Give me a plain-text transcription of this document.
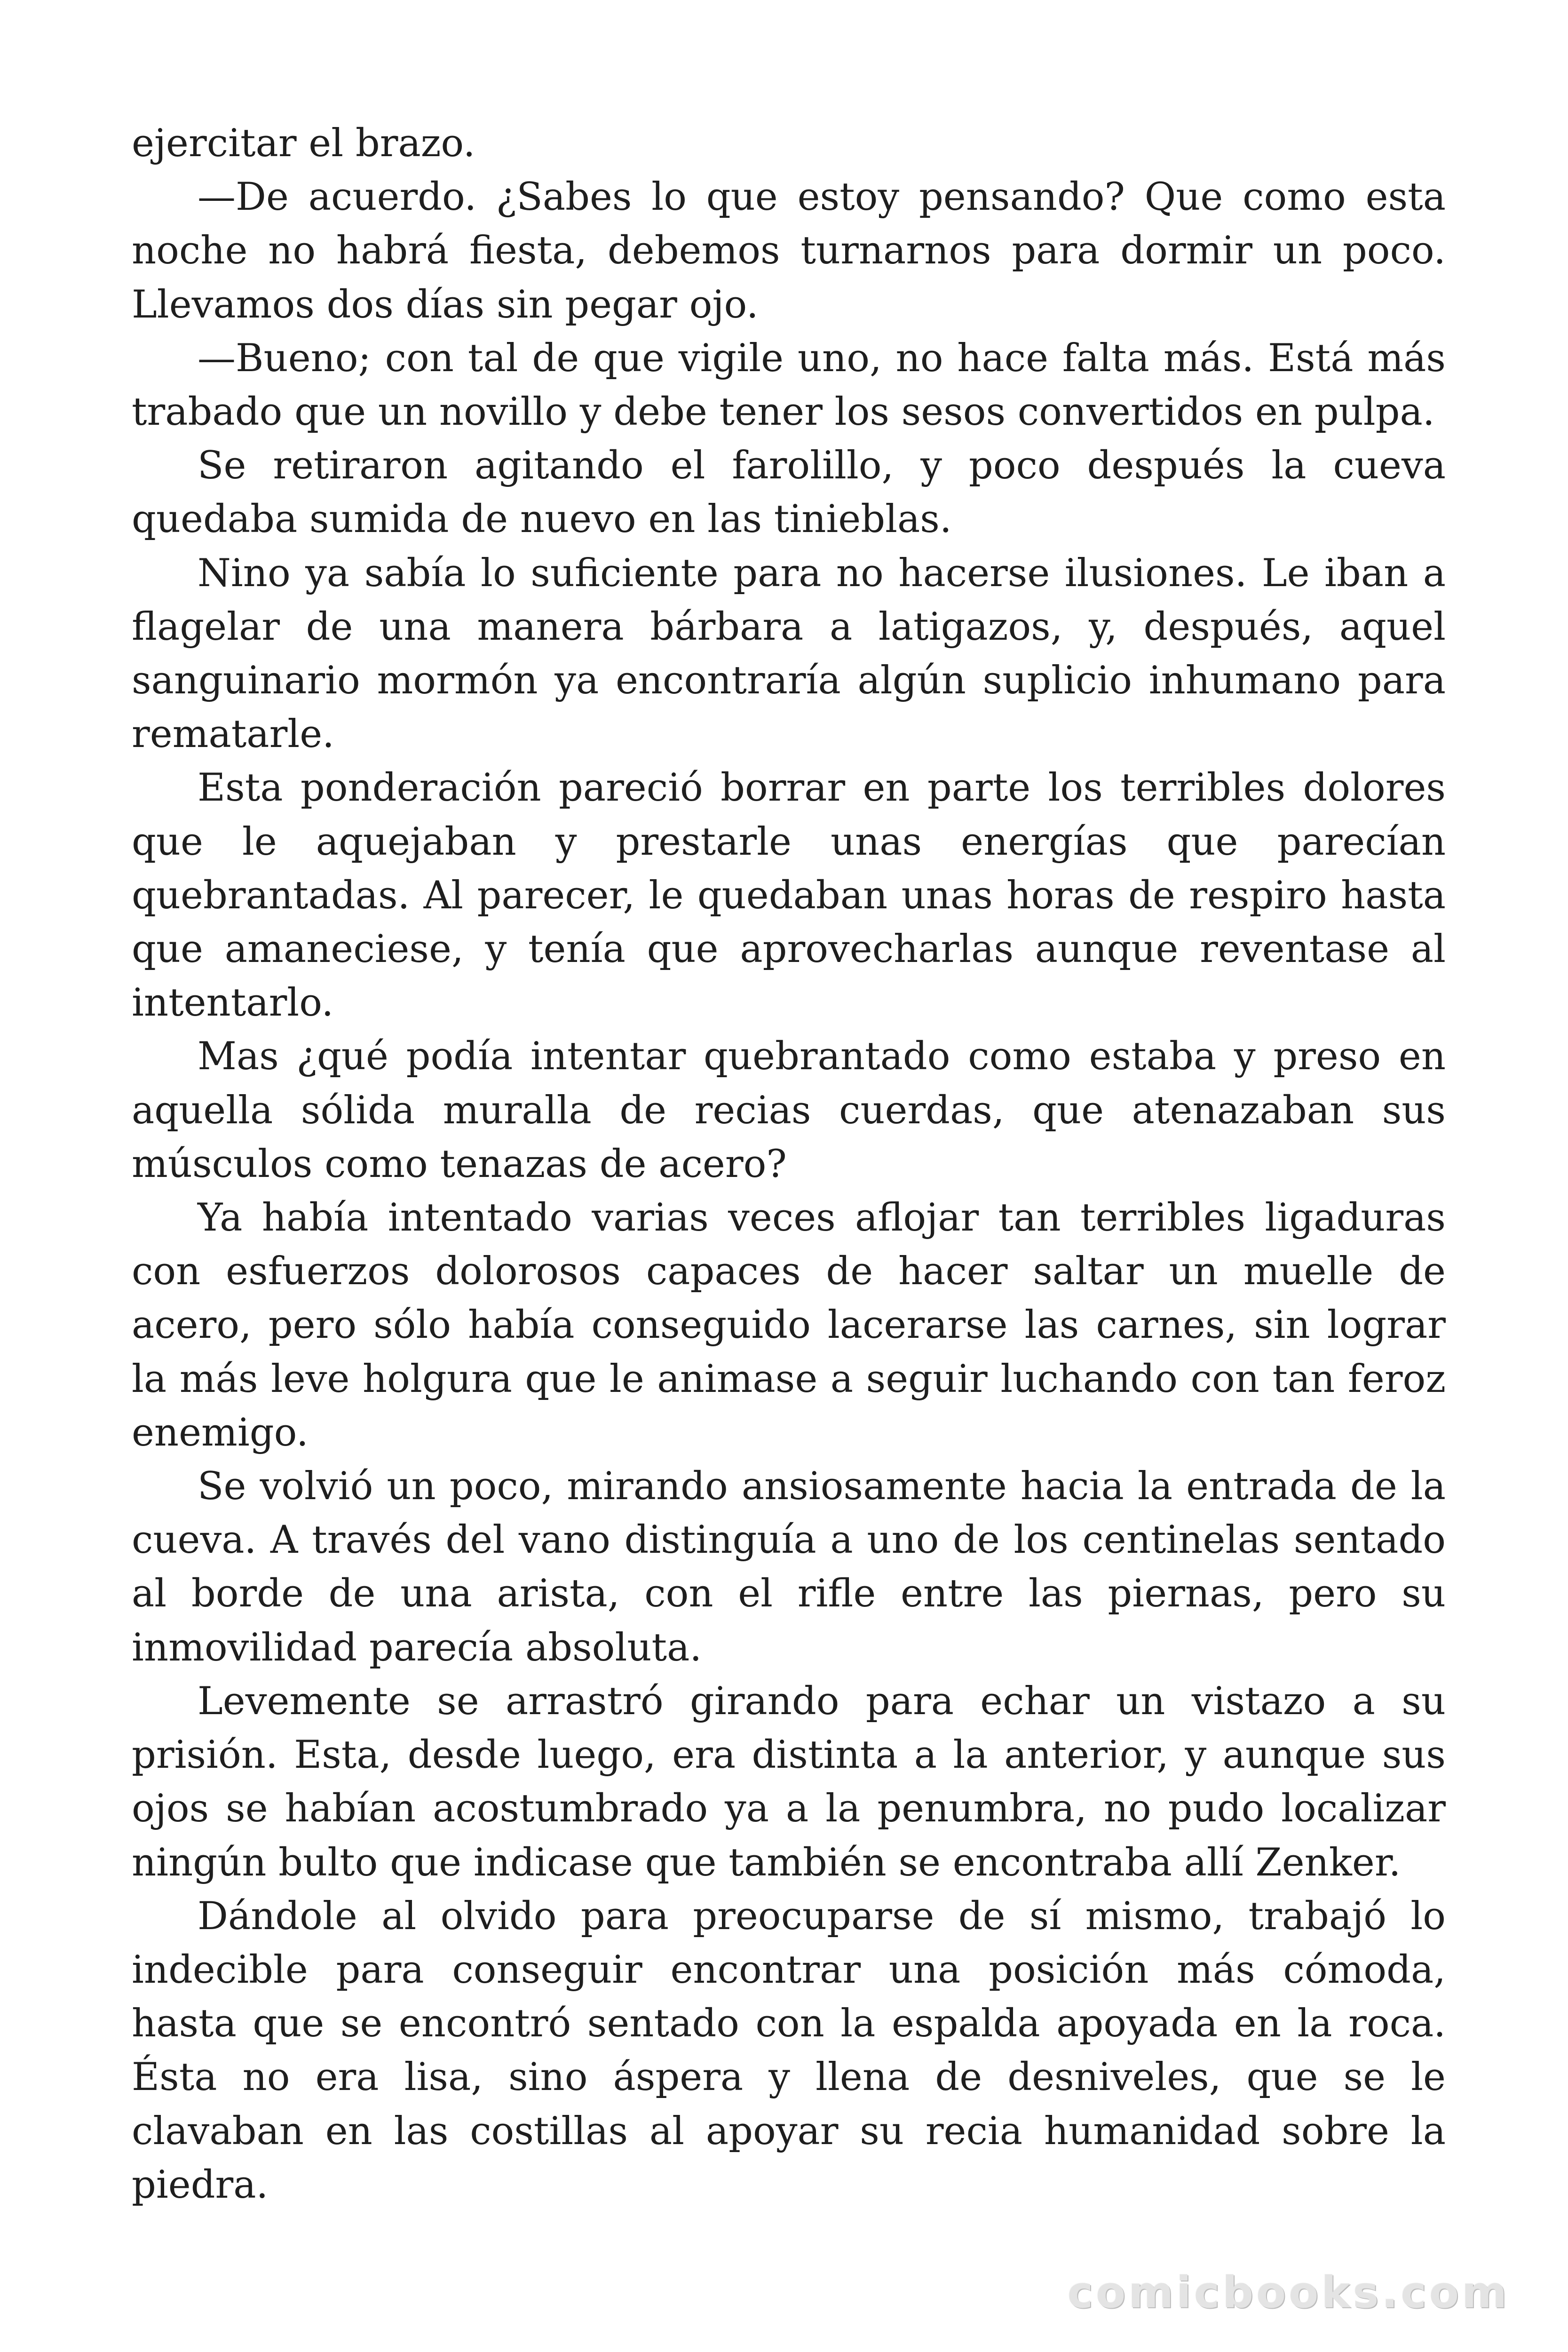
ejercitar el brazo.

—De acuerdo. ¿Sabes lo que estoy pensando? Que como esta noche no habrá fiesta, debemos turnarnos para dormir un poco. Llevamos dos días sin pegar ojo.

—Bueno; con tal de que vigile uno, no hace falta más. Está más trabado que un novillo y debe tener los sesos convertidos en pulpa.

Se retiraron agitando el farolillo, y poco después la cueva quedaba sumida de nuevo en las tinieblas.

Nino ya sabía lo suficiente para no hacerse ilusiones. Le iban a flagelar de una manera bárbara a latigazos, y, después, aquel sanguinario mormón ya encontraría algún suplicio inhumano para rematarle.

Esta ponderación pareció borrar en parte los terribles dolores que le aquejaban y prestarle unas energías que parecían quebrantadas. Al parecer, le quedaban unas horas de respiro hasta que amaneciese, y tenía que aprovecharlas aunque reventase al intentarlo.

Mas ¿qué podía intentar quebrantado como estaba y preso en aquella sólida muralla de recias cuerdas, que atenazaban sus músculos como tenazas de acero?

Ya había intentado varias veces aflojar tan terribles ligaduras con esfuerzos dolorosos capaces de hacer saltar un muelle de acero, pero sólo había conseguido lacerarse las carnes, sin lograr la más leve holgura que le animase a seguir luchando con tan feroz enemigo.

Se volvió un poco, mirando ansiosamente hacia la entrada de la cueva. A través del vano distinguía a uno de los centinelas sentado al borde de una arista, con el rifle entre las piernas, pero su inmovilidad parecía absoluta.

Levemente se arrastró girando para echar un vistazo a su prisión. Esta, desde luego, era distinta a la anterior, y aunque sus ojos se habían acostumbrado ya a la penumbra, no pudo localizar ningún bulto que indicase que también se encontraba allí Zenker.

Dándole al olvido para preocuparse de sí mismo, trabajó lo indecible para conseguir encontrar una posición más cómoda, hasta que se encontró sentado con la espalda apoyada en la roca. Ésta no era lisa, sino áspera y llena de desniveles, que se le clavaban en las costillas al apoyar su recia humanidad sobre la piedra.

comicbooks.com
